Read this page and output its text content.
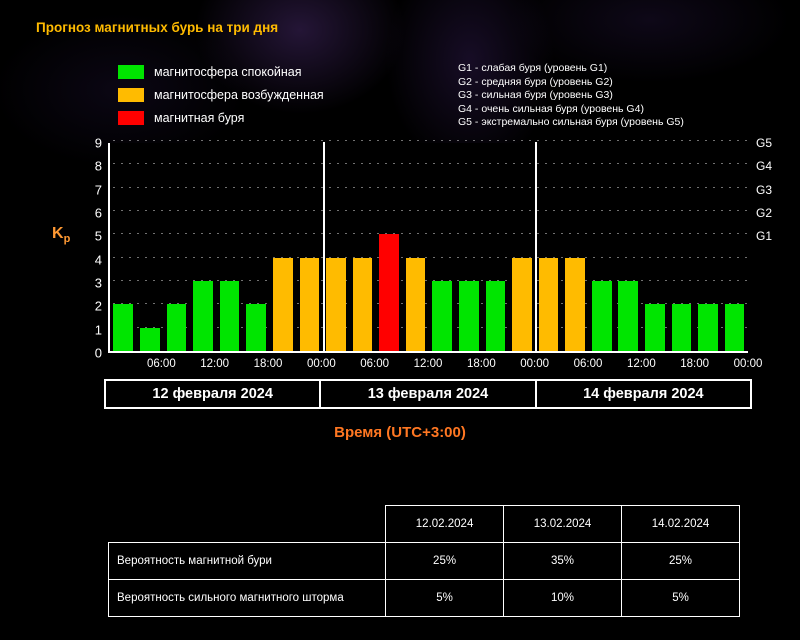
Прогноз магнитных бурь на три дня
магнитосфера спокойная
магнитосфера возбужденная
магнитная буря
G1 - слабая буря (уровень G1)
G2 - средняя буря (уровень G2)
G3 - сильная буря (уровень G3)
G4 - очень сильная буря (уровень G4)
G5 - экстремально сильная буря (уровень G5)
$K_p$
9
8
7
6
5
4
3
2
1
0
G5
G4
G3
G2
G1
06:00 12:00 18:00 00:00 06:00 12:00 18:00 00:00 06:00 12:00 18:00 00:00
12 февраля 2024	13 февраля 2024	14 февраля 2024
Время (UTC+3:00)
	12.02.2024	13.02.2024	14.02.2024
Вероятность магнитной бури	25%	35%	25%
Вероятность сильного магнитного шторма	5%	10%	5%
